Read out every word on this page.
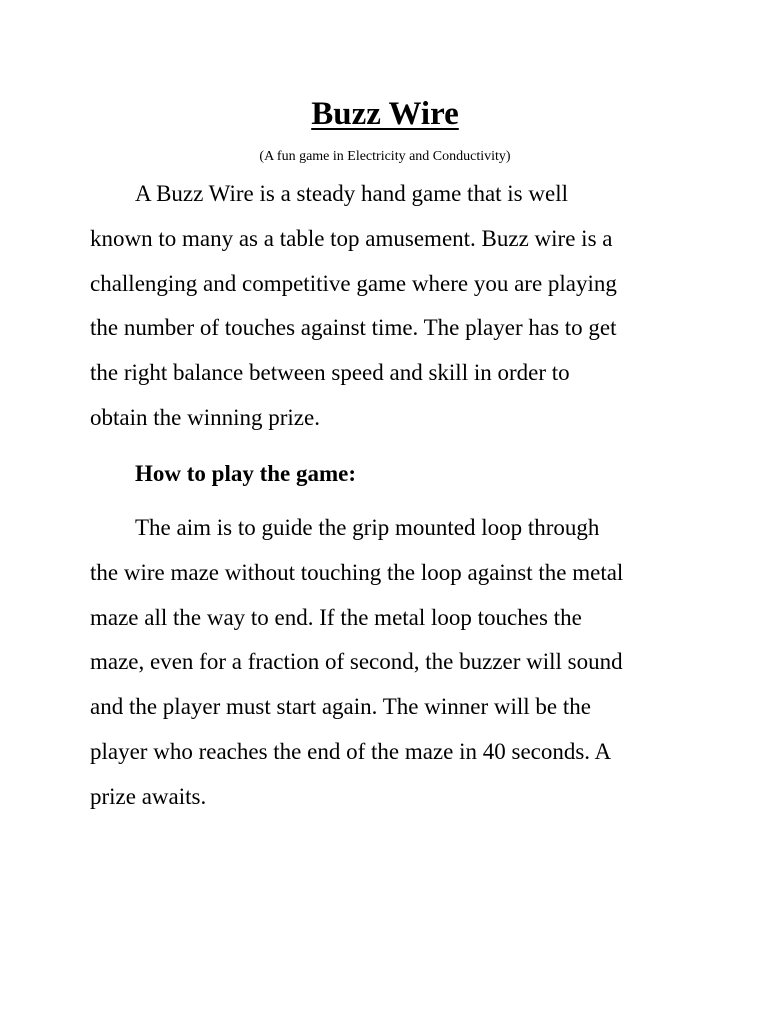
Buzz Wire

(A fun game in Electricity and Conductivity)

A Buzz Wire is a steady hand game that is well
known to many as a table top amusement. Buzz wire is a
challenging and competitive game where you are playing
the number of touches against time. The player has to get
the right balance between speed and skill in order to
obtain the winning prize.

How to play the game:

The aim is to guide the grip mounted loop through
the wire maze without touching the loop against the metal
maze all the way to end. If the metal loop touches the
maze, even for a fraction of second, the buzzer will sound
and the player must start again. The winner will be the
player who reaches the end of the maze in 40 seconds. A
prize awaits.
